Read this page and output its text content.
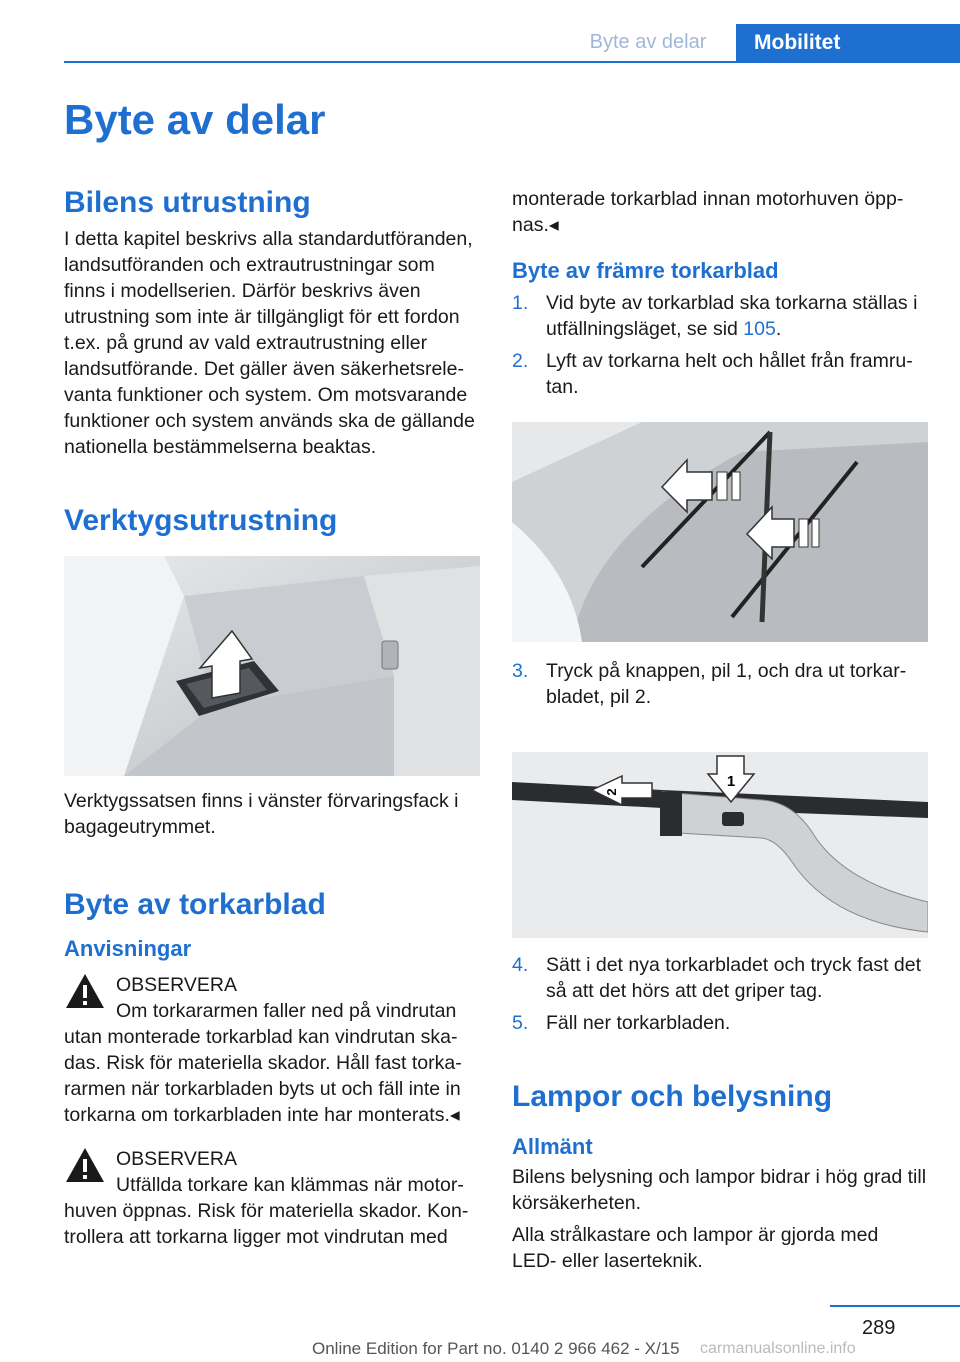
Byte av delar	Mobilitet
Byte av delar
Bilens utrustning

I detta kapitel beskrivs alla standardutföranden, landsutföranden och extrautrustningar som finns i modellserien. Därför beskrivs även utrustning som inte är tillgängligt för ett fordon t.ex. på grund av vald extrautrustning eller landsutförande. Det gäller även säkerhetsrelevanta funktioner och system. Om motsvarande funktioner och system används ska de gällande nationella bestämmelserna beaktas.

Verktygsutrustning

Verktygssatsen finns i vänster förvaringsfack i bagageutrymmet.

Byte av torkarblad
Anvisningar
OBSERVERA
Om torkararmen faller ned på vindrutan utan monterade torkarblad kan vindrutan skadas. Risk för materiella skador. Håll fast torkararmen när torkarbladen byts ut och fäll inte in torkarna om torkarbladen inte har monterats.◂
OBSERVERA
Utfällda torkare kan klämmas när motorhuven öppnas. Risk för materiella skador. Kontrollera att torkarna ligger mot vindrutan med

monterade torkarblad innan motorhuven öppnas.◂

Byte av främre torkarblad
1. Vid byte av torkarblad ska torkarna ställas i utfällningsläget, se sid 105.
2. Lyft av torkarna helt och hållet från framrutan.
3. Tryck på knappen, pil 1, och dra ut torkarbladet, pil 2.
1
2
4. Sätt i det nya torkarbladet och tryck fast det så att det hörs att det griper tag.
5. Fäll ner torkarbladen.
Lampor och belysning
Allmänt

Bilens belysning och lampor bidrar i hög grad till körsäkerheten.

Alla strålkastare och lampor är gjorda med LED- eller laserteknik.

289
Online Edition for Part no. 0140 2 966 462 - X/15 carmanualsonline.info
